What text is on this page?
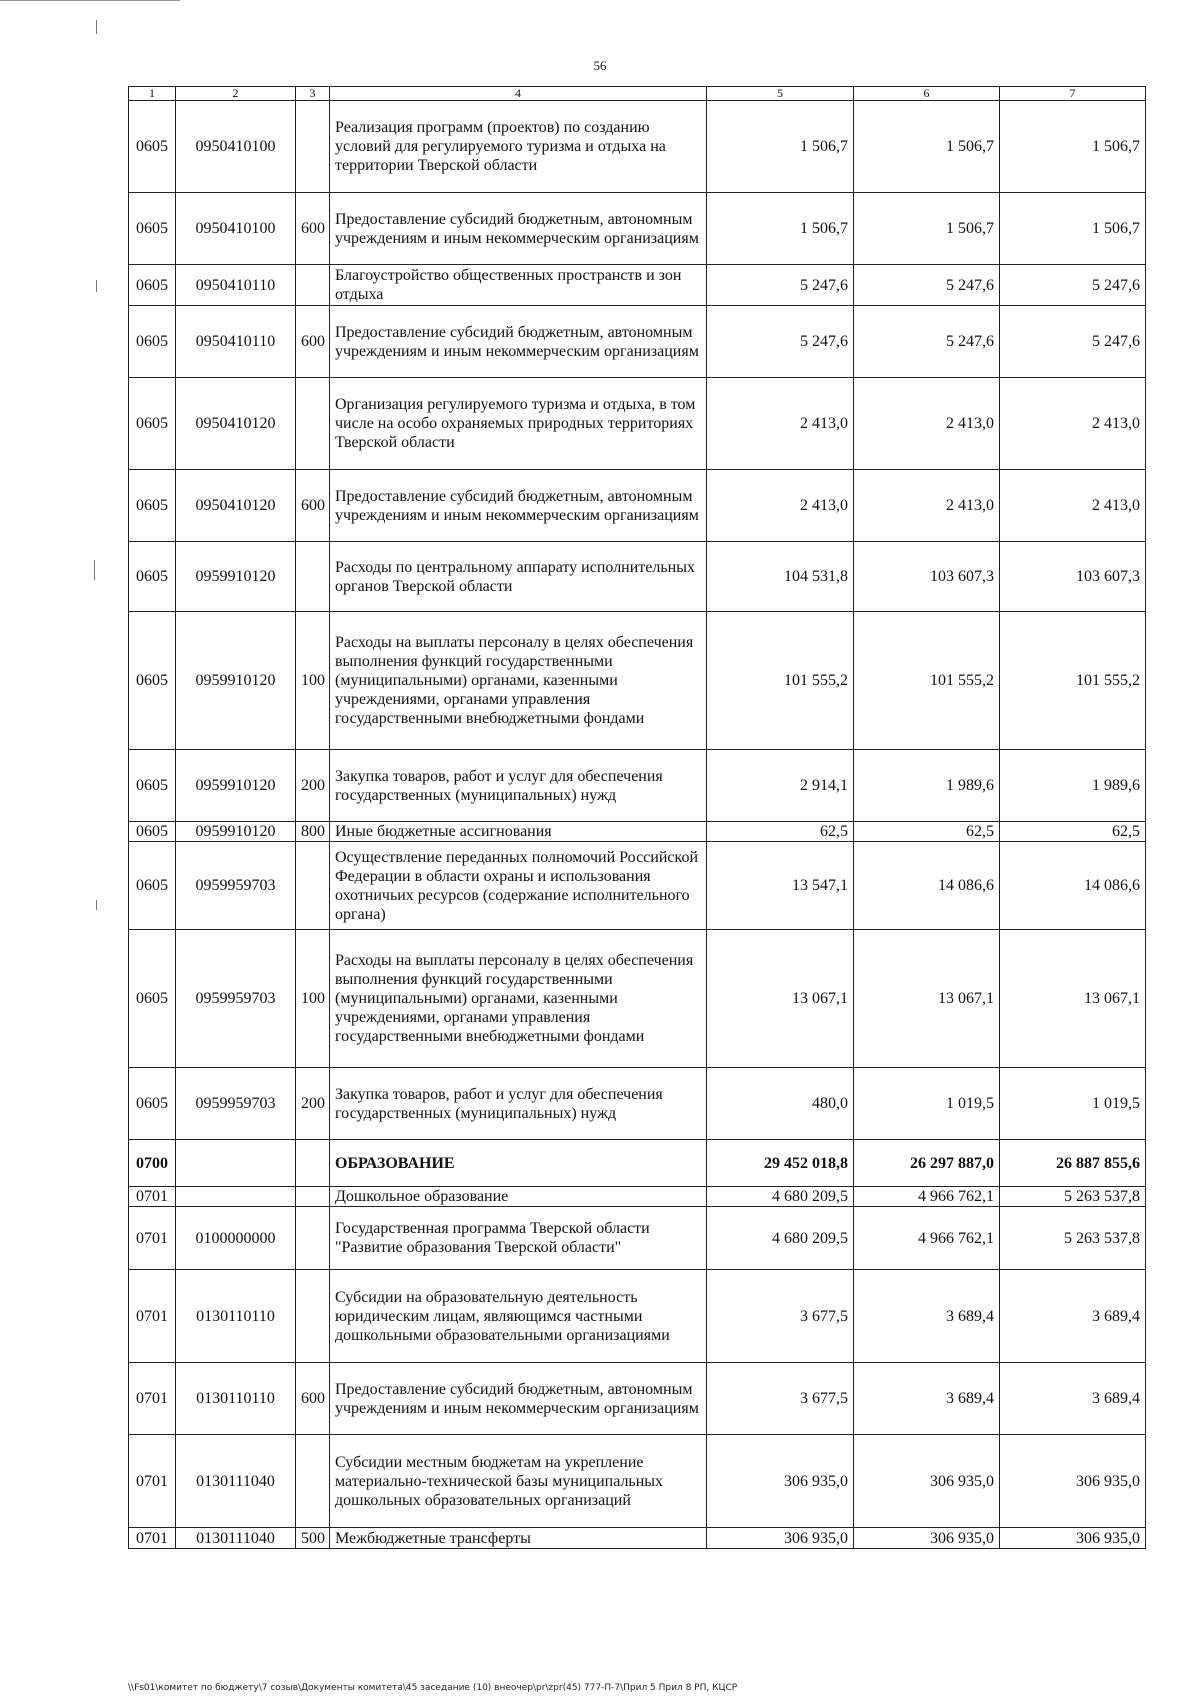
56
1	2	3	4	5	6	7
0605	0950410100		Реализация программ (проектов) по созданию условий для регулируемого туризма и отдыха на территории Тверской области	1 506,7	1 506,7	1 506,7
0605	0950410100	600	Предоставление субсидий бюджетным, автономным учреждениям и иным некоммерческим организациям	1 506,7	1 506,7	1 506,7
0605	0950410110		Благоустройство общественных пространств и зон отдыха	5 247,6	5 247,6	5 247,6
0605	0950410110	600	Предоставление субсидий бюджетным, автономным учреждениям и иным некоммерческим организациям	5 247,6	5 247,6	5 247,6
0605	0950410120		Организация регулируемого туризма и отдыха, в том числе на особо охраняемых природных территориях Тверской области	2 413,0	2 413,0	2 413,0
0605	0950410120	600	Предоставление субсидий бюджетным, автономным учреждениям и иным некоммерческим организациям	2 413,0	2 413,0	2 413,0
0605	0959910120		Расходы по центральному аппарату исполнительных органов Тверской области	104 531,8	103 607,3	103 607,3
0605	0959910120	100	Расходы на выплаты персоналу в целях обеспечения выполнения функций государственными (муниципальными) органами, казенными учреждениями, органами управления государственными внебюджетными фондами	101 555,2	101 555,2	101 555,2
0605	0959910120	200	Закупка товаров, работ и услуг для обеспечения государственных (муниципальных) нужд	2 914,1	1 989,6	1 989,6
0605	0959910120	800	Иные бюджетные ассигнования	62,5	62,5	62,5
0605	0959959703		Осуществление переданных полномочий Российской Федерации в области охраны и использования охотничьих ресурсов (содержание исполнительного органа)	13 547,1	14 086,6	14 086,6
0605	0959959703	100	Расходы на выплаты персоналу в целях обеспечения выполнения функций государственными (муниципальными) органами, казенными учреждениями, органами управления государственными внебюджетными фондами	13 067,1	13 067,1	13 067,1
0605	0959959703	200	Закупка товаров, работ и услуг для обеспечения государственных (муниципальных) нужд	480,0	1 019,5	1 019,5
0700			ОБРАЗОВАНИЕ	29 452 018,8	26 297 887,0	26 887 855,6
0701			Дошкольное образование	4 680 209,5	4 966 762,1	5 263 537,8
0701	0100000000		Государственная программа Тверской области "Развитие образования Тверской области"	4 680 209,5	4 966 762,1	5 263 537,8
0701	0130110110		Субсидии на образовательную деятельность юридическим лицам, являющимся частными дошкольными образовательными организациями	3 677,5	3 689,4	3 689,4
0701	0130110110	600	Предоставление субсидий бюджетным, автономным учреждениям и иным некоммерческим организациям	3 677,5	3 689,4	3 689,4
0701	0130111040		Субсидии местным бюджетам на укрепление материально-технической базы муниципальных дошкольных образовательных организаций	306 935,0	306 935,0	306 935,0
0701	0130111040	500	Межбюджетные трансферты	306 935,0	306 935,0	306 935,0
\\Fs01\комитет по бюджету\7 созыв\Документы комитета\45 заседание (10) внеочер\pr\zpr(45) 777-П-7\Прил 5 Прил 8 РП, КЦСР
